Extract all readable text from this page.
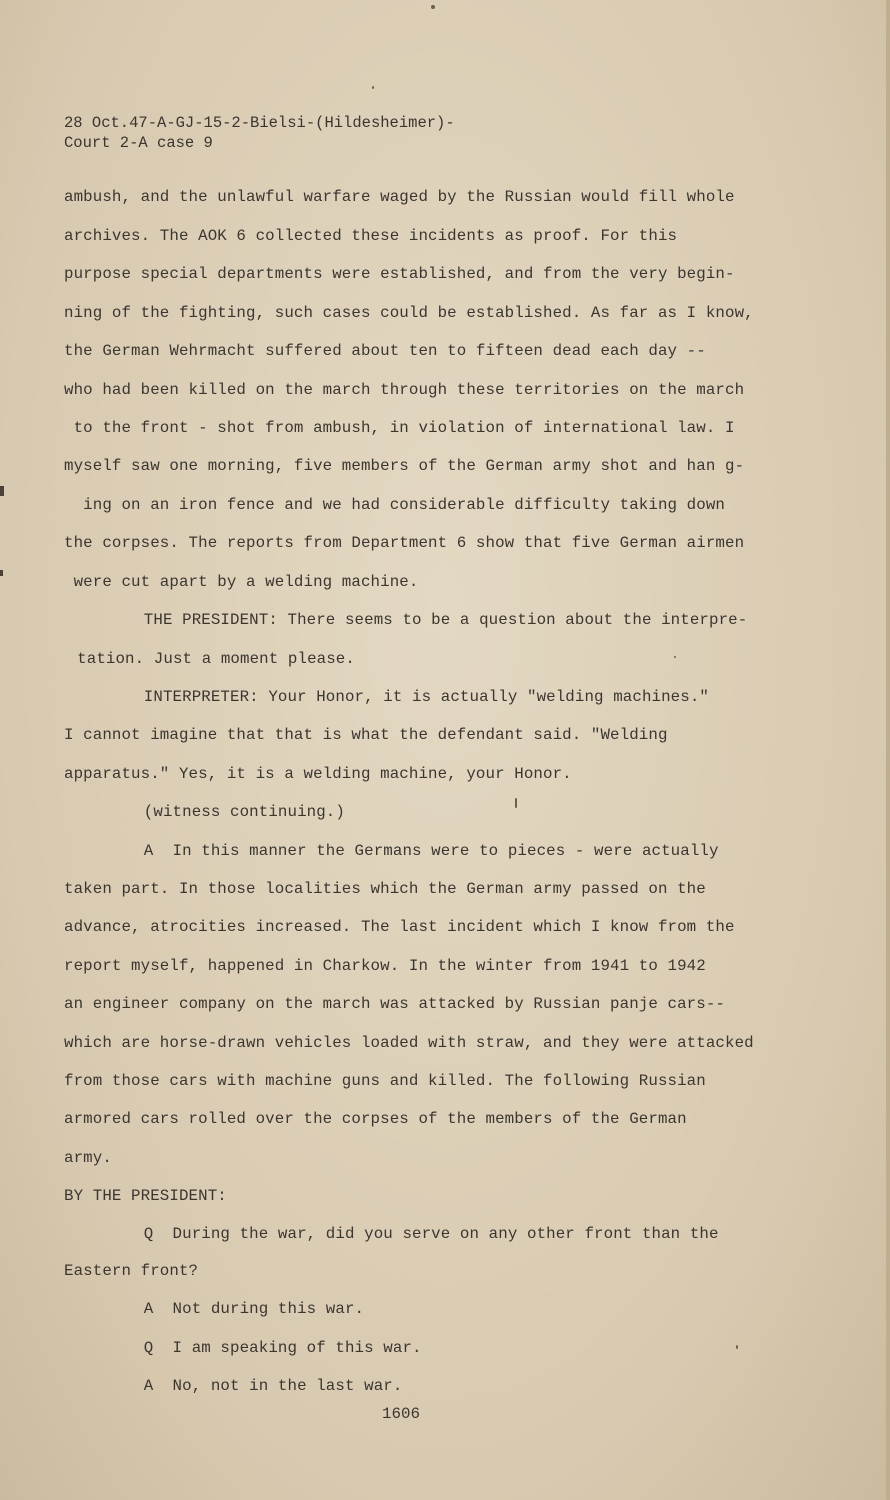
28 Oct.47-A-GJ-15-2-Bielsi-(Hildesheimer)-
Court 2-A case 9
ambush, and the unlawful warfare waged by the Russian would fill whole
archives. The AOK 6 collected these incidents as proof. For this
purpose special departments were established, and from the very begin-
ning of the fighting, such cases could be established. As far as I know,
the German Wehrmacht suffered about ten to fifteen dead each day --
who had been killed on the march through these territories on the march
to the front - shot from ambush, in violation of international law. I
myself saw one morning, five members of the German army shot and han g-
ing on an iron fence and we had considerable difficulty taking down
the corpses. The reports from Department 6 show that five German airmen
were cut apart by a welding machine.
THE PRESIDENT: There seems to be a question about the interpre-
tation. Just a moment please.
INTERPRETER: Your Honor, it is actually "welding machines."
I cannot imagine that that is what the defendant said. "Welding
apparatus." Yes, it is a welding machine, your Honor.
(witness continuing.)
A  In this manner the Germans were to pieces - were actually
taken part. In those localities which the German army passed on the
advance, atrocities increased. The last incident which I know from the
report myself, happened in Charkow. In the winter from 1941 to 1942
an engineer company on the march was attacked by Russian panje cars--
which are horse-drawn vehicles loaded with straw, and they were attacked
from those cars with machine guns and killed. The following Russian
armored cars rolled over the corpses of the members of the German
army.
BY THE PRESIDENT:
Q  During the war, did you serve on any other front than the
Eastern front?
A  Not during this war.
Q  I am speaking of this war.
A  No, not in the last war.
1606
